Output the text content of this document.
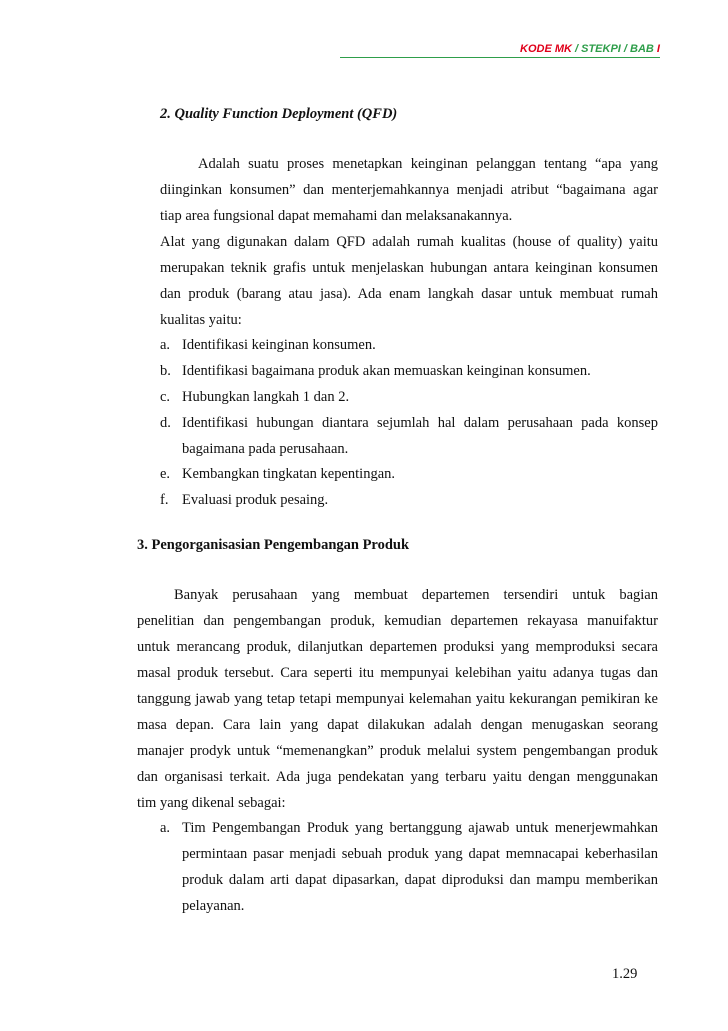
KODE MK / STEKPI / BAB I
2. Quality Function Deployment (QFD)
Adalah suatu proses menetapkan keinginan pelanggan tentang “apa yang
diinginkan konsumen” dan menterjemahkannya menjadi atribut “bagaimana agar
tiap area fungsional dapat memahami dan melaksanakannya.
Alat yang digunakan dalam QFD adalah rumah kualitas (house of quality) yaitu
merupakan teknik grafis untuk menjelaskan hubungan antara keinginan konsumen
dan produk (barang atau jasa). Ada enam langkah dasar untuk membuat rumah
kualitas yaitu:
a. Identifikasi keinginan konsumen.
b. Identifikasi bagaimana produk akan memuaskan keinginan konsumen.
c. Hubungkan langkah 1 dan 2.
d. Identifikasi hubungan diantara sejumlah hal dalam perusahaan pada konsep
bagaimana pada perusahaan.
e. Kembangkan tingkatan kepentingan.
f. Evaluasi produk pesaing.
3. Pengorganisasian Pengembangan Produk
Banyak perusahaan yang membuat departemen tersendiri untuk bagian
penelitian dan pengembangan produk, kemudian departemen rekayasa manuifaktur
untuk merancang produk, dilanjutkan departemen produksi yang memproduksi secara
masal produk tersebut. Cara seperti itu mempunyai kelebihan yaitu adanya tugas dan
tanggung jawab yang tetap tetapi mempunyai kelemahan yaitu kekurangan pemikiran ke
masa depan. Cara lain yang dapat dilakukan adalah dengan menugaskan seorang
manajer prodyk untuk “memenangkan” produk melalui system pengembangan produk
dan organisasi terkait. Ada juga pendekatan yang terbaru yaitu dengan menggunakan
tim yang dikenal sebagai:
a. Tim Pengembangan Produk yang bertanggung ajawab untuk menerjewmahkan
permintaan pasar menjadi sebuah produk yang dapat memnacapai keberhasilan
produk dalam arti dapat dipasarkan, dapat diproduksi dan mampu memberikan
pelayanan.
1.29
